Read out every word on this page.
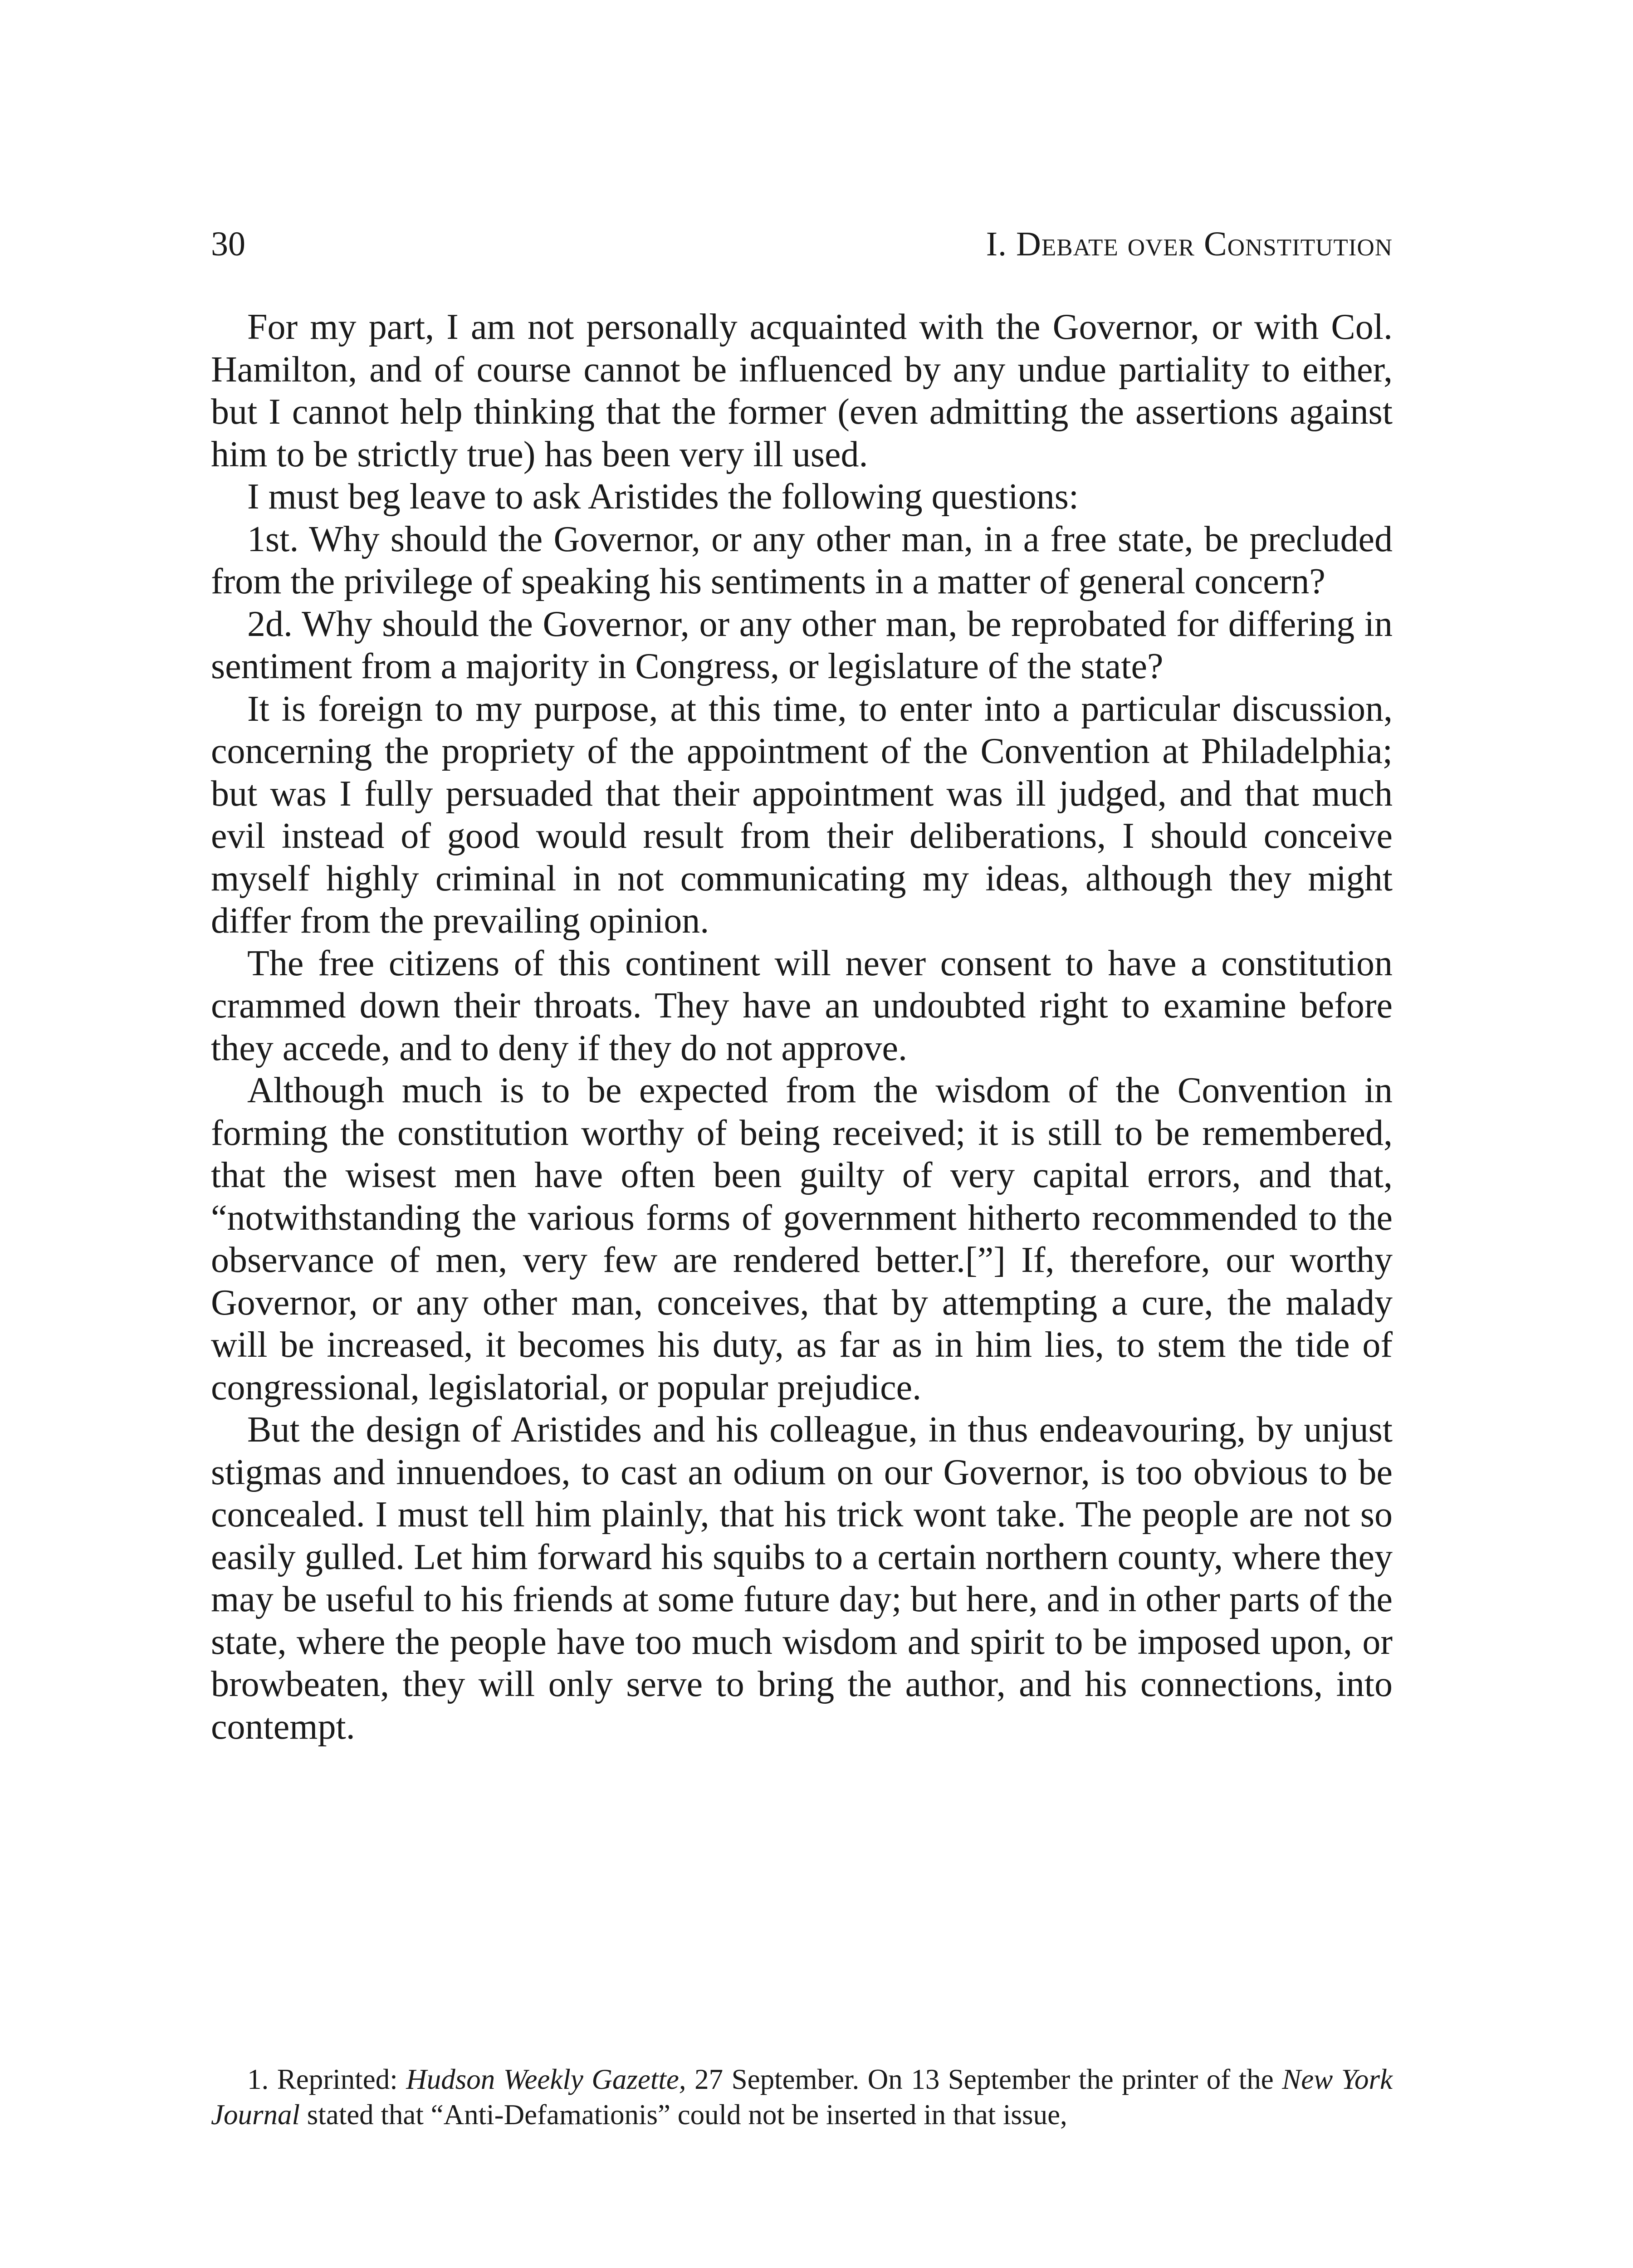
30	I. Debate over Constitution

For my part, I am not personally acquainted with the Governor, or with Col. Hamilton, and of course cannot be influenced by any undue partiality to either, but I cannot help thinking that the former (even admitting the assertions against him to be strictly true) has been very ill used.

I must beg leave to ask Aristides the following questions:

1st. Why should the Governor, or any other man, in a free state, be precluded from the privilege of speaking his sentiments in a matter of general concern?

2d. Why should the Governor, or any other man, be reprobated for differing in sentiment from a majority in Congress, or legislature of the state?

It is foreign to my purpose, at this time, to enter into a particular discussion, concerning the propriety of the appointment of the Convention at Philadelphia; but was I fully persuaded that their appointment was ill judged, and that much evil instead of good would result from their deliberations, I should conceive myself highly criminal in not communicating my ideas, although they might differ from the prevailing opinion.

The free citizens of this continent will never consent to have a constitution crammed down their throats. They have an undoubted right to examine before they accede, and to deny if they do not approve.

Although much is to be expected from the wisdom of the Convention in forming the constitution worthy of being received; it is still to be remembered, that the wisest men have often been guilty of very capital errors, and that, “notwithstanding the various forms of government hitherto recommended to the observance of men, very few are rendered better.[”] If, therefore, our worthy Governor, or any other man, conceives, that by attempting a cure, the malady will be increased, it becomes his duty, as far as in him lies, to stem the tide of congressional, legislatorial, or popular prejudice.

But the design of Aristides and his colleague, in thus endeavouring, by unjust stigmas and innuendoes, to cast an odium on our Governor, is too obvious to be concealed. I must tell him plainly, that his trick wont take. The people are not so easily gulled. Let him forward his squibs to a certain northern county, where they may be useful to his friends at some future day; but here, and in other parts of the state, where the people have too much wisdom and spirit to be imposed upon, or browbeaten, they will only serve to bring the author, and his connections, into contempt.

1. Reprinted: Hudson Weekly Gazette, 27 September. On 13 September the printer of the New York Journal stated that “Anti-Defamationis” could not be inserted in that issue,
